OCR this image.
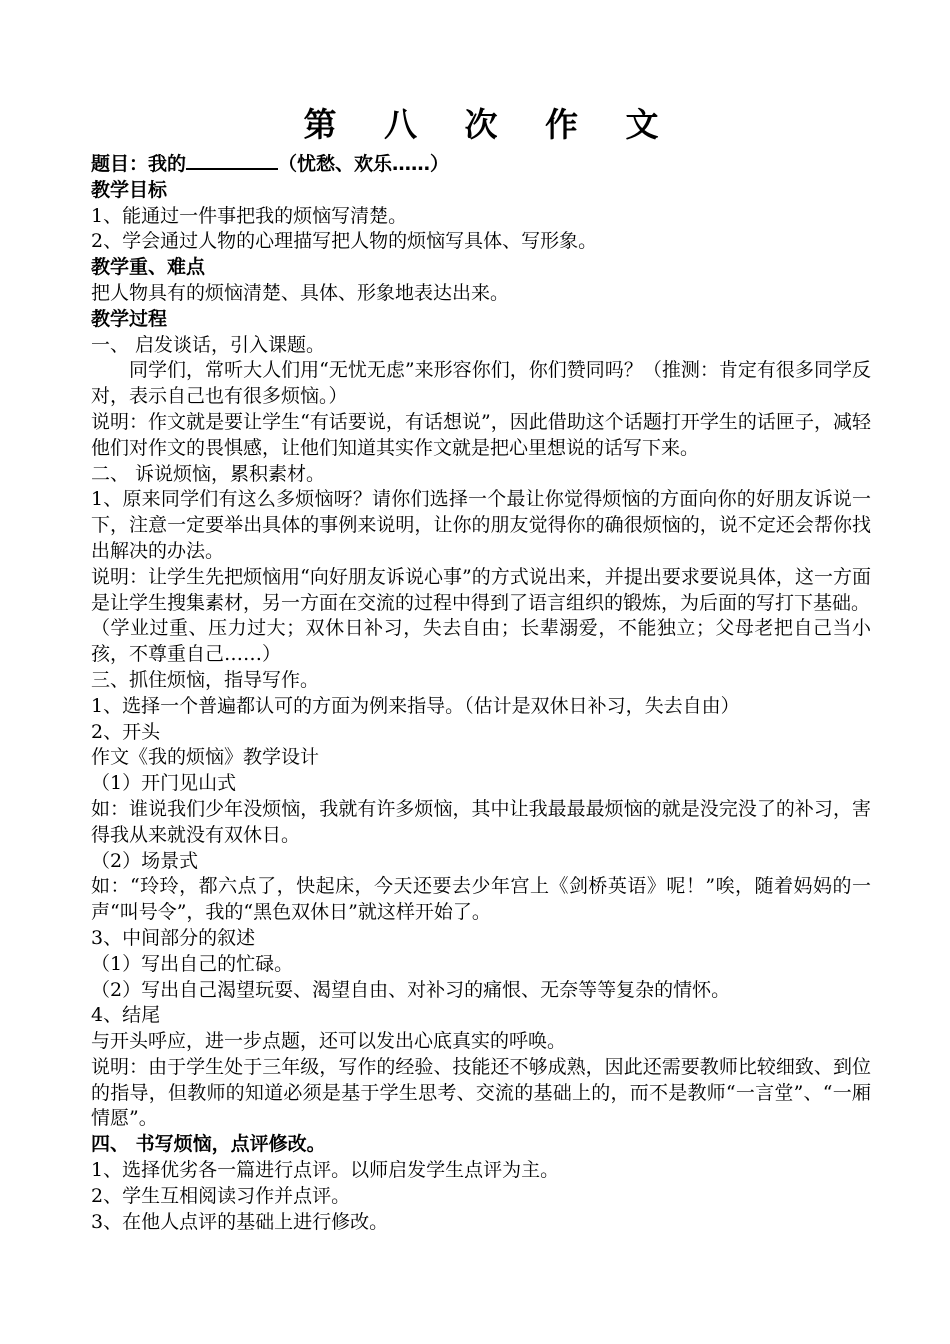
第 八 次 作 文
题目：我的	（忧愁、欢乐……）
教学目标
1、能通过一件事把我的烦恼写清楚。
2、学会通过人物的心理描写把人物的烦恼写具体、写形象。
教学重、难点
把人物具有的烦恼清楚、具体、形象地表达出来。
教学过程
一、 启发谈话，引入课题。
同学们，常听大人们用“无忧无虑”来形容你们，你们赞同吗？（推测：肯定有很多同学反对，表示自己也有很多烦恼。）
说明：作文就是要让学生“有话要说，有话想说”，因此借助这个话题打开学生的话匣子，减轻他们对作文的畏惧感，让他们知道其实作文就是把心里想说的话写下来。
二、 诉说烦恼，累积素材。
1、原来同学们有这么多烦恼呀？请你们选择一个最让你觉得烦恼的方面向你的好朋友诉说一下，注意一定要举出具体的事例来说明，让你的朋友觉得你的确很烦恼的，说不定还会帮你找出解决的办法。
说明：让学生先把烦恼用“向好朋友诉说心事”的方式说出来，并提出要求要说具体，这一方面是让学生搜集素材，另一方面在交流的过程中得到了语言组织的锻炼，为后面的写打下基础。
（学业过重、压力过大；双休日补习，失去自由；长辈溺爱，不能独立；父母老把自己当小孩，不尊重自己……）
三、抓住烦恼，指导写作。
1、选择一个普遍都认可的方面为例来指导。（估计是双休日补习，失去自由）
2、开头
作文《我的烦恼》教学设计
（1）开门见山式
如：谁说我们少年没烦恼，我就有许多烦恼，其中让我最最最烦恼的就是没完没了的补习，害得我从来就没有双休日。
（2）场景式
如：“玲玲，都六点了，快起床，今天还要去少年宫上《剑桥英语》呢！”唉，随着妈妈的一声“叫号令”，我的“黑色双休日”就这样开始了。
3、中间部分的叙述
（1）写出自己的忙碌。
（2）写出自己渴望玩耍、渴望自由、对补习的痛恨、无奈等等复杂的情怀。
4、结尾
与开头呼应，进一步点题，还可以发出心底真实的呼唤。
说明：由于学生处于三年级，写作的经验、技能还不够成熟，因此还需要教师比较细致、到位的指导，但教师的知道必须是基于学生思考、交流的基础上的，而不是教师“一言堂”、“一厢情愿”。
四、 书写烦恼，点评修改。
1、选择优劣各一篇进行点评。以师启发学生点评为主。
2、学生互相阅读习作并点评。
3、在他人点评的基础上进行修改。
